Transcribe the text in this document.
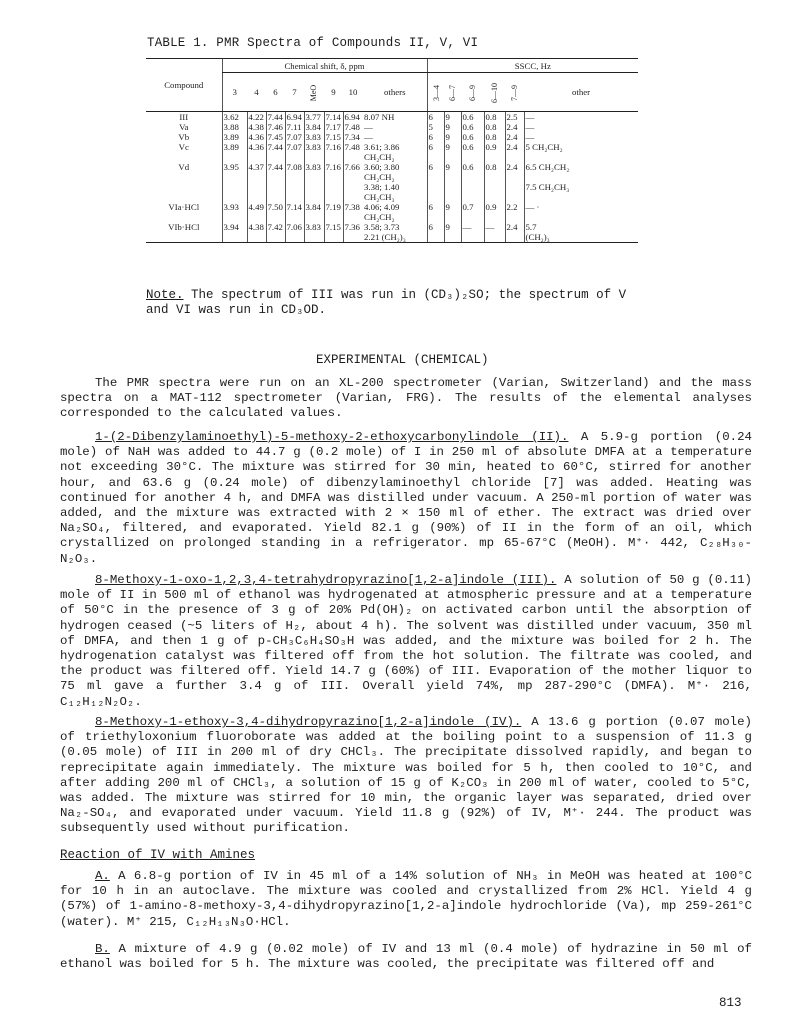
TABLE 1. PMR Spectra of Compounds II, V, VI
Compound	Chemical shift, δ, ppm								SSCC, Hz					
	3	4	6	7	MeO	9	10	others	3—4	6—7	6—9	6—10	7—9	other
III	3.62	4.22	7.44	6.94	3.77	7.14	6.94	8.07 NH	6	9	0.6	0.8	2.5	—
Va	3.88	4.38	7.46	7.11	3.84	7.17	7.48	—	5	9	0.6	0.8	2.4	—
Vb	3.89	4.36	7.45	7.07	3.83	7.15	7.34	—	6	9	0.6	0.8	2.4	—
Vc	3.89	4.36	7.44	7.07	3.83	7.16	7.48	3.61; 3.86	6	9	0.6	0.9	2.4	5 CH₂CH₂
								CH₂CH₂						
Vd	3.95	4.37	7.44	7.08	3.83	7.16	7.66	3.60; 3.80	6	9	0.6	0.8	2.4	6.5 CH₂CH₂
								CH₂CH₂						
								3.38; 1.40						7.5 CH₂CH₃
								CH₂CH₃						
VIa·HCl	3.93	4.49	7.50	7.14	3.84	7.19	7.38	4.06; 4.09	6	9	0.7	0.9	2.2	— ·
								CH₂CH₂						
VIb·HCl	3.94	4.38	7.42	7.06	3.83	7.15	7.36	3.58; 3.73	6	9	—	—	2.4	5.7
								2.21 (CH₂)₃						(CH₂)₃
Note. The spectrum of III was run in (CD₃)₂SO; the spectrum of V and VI was run in CD₃OD.
EXPERIMENTAL (CHEMICAL)
The PMR spectra were run on an XL-200 spectrometer (Varian, Switzerland) and the mass spectra on a MAT-112 spectrometer (Varian, FRG). The results of the elemental analyses corresponded to the calculated values.
1-(2-Dibenzylaminoethyl)-5-methoxy-2-ethoxycarbonylindole (II). A 5.9-g portion (0.24 mole) of NaH was added to 44.7 g (0.2 mole) of I in 250 ml of absolute DMFA at a temperature not exceeding 30°C. The mixture was stirred for 30 min, heated to 60°C, stirred for another hour, and 63.6 g (0.24 mole) of dibenzylaminoethyl chloride [7] was added. Heating was continued for another 4 h, and DMFA was distilled under vacuum. A 250-ml portion of water was added, and the mixture was extracted with 2 × 150 ml of ether. The extract was dried over Na₂SO₄, filtered, and evaporated. Yield 82.1 g (90%) of II in the form of an oil, which crystallized on prolonged standing in a refrigerator. mp 65-67°C (MeOH). M⁺· 442, C₂₈H₃₀-N₂O₃.
8-Methoxy-1-oxo-1,2,3,4-tetrahydropyrazino[1,2-a]indole (III). A solution of 50 g (0.11) mole of II in 500 ml of ethanol was hydrogenated at atmospheric pressure and at a temperature of 50°C in the presence of 3 g of 20% Pd(OH)₂ on activated carbon until the absorption of hydrogen ceased (~5 liters of H₂, about 4 h). The solvent was distilled under vacuum, 350 ml of DMFA, and then 1 g of p-CH₃C₆H₄SO₃H was added, and the mixture was boiled for 2 h. The hydrogenation catalyst was filtered off from the hot solution. The filtrate was cooled, and the product was filtered off. Yield 14.7 g (60%) of III. Evaporation of the mother liquor to 75 ml gave a further 3.4 g of III. Overall yield 74%, mp 287-290°C (DMFA). M⁺· 216, C₁₂H₁₂N₂O₂.
8-Methoxy-1-ethoxy-3,4-dihydropyrazino[1,2-a]indole (IV). A 13.6 g portion (0.07 mole) of triethyloxonium fluoroborate was added at the boiling point to a suspension of 11.3 g (0.05 mole) of III in 200 ml of dry CHCl₃. The precipitate dissolved rapidly, and began to reprecipitate again immediately. The mixture was boiled for 5 h, then cooled to 10°C, and after adding 200 ml of CHCl₃, a solution of 15 g of K₂CO₃ in 200 ml of water, cooled to 5°C, was added. The mixture was stirred for 10 min, the organic layer was separated, dried over Na₂-SO₄, and evaporated under vacuum. Yield 11.8 g (92%) of IV, M⁺· 244. The product was subsequently used without purification.
Reaction of IV with Amines
A. A 6.8-g portion of IV in 45 ml of a 14% solution of NH₃ in MeOH was heated at 100°C for 10 h in an autoclave. The mixture was cooled and crystallized from 2% HCl. Yield 4 g (57%) of 1-amino-8-methoxy-3,4-dihydropyrazino[1,2-a]indole hydrochloride (Va), mp 259-261°C (water). M⁺ 215, C₁₂H₁₃N₃O·HCl.
B. A mixture of 4.9 g (0.02 mole) of IV and 13 ml (0.4 mole) of hydrazine in 50 ml of ethanol was boiled for 5 h. The mixture was cooled, the precipitate was filtered off and
813
